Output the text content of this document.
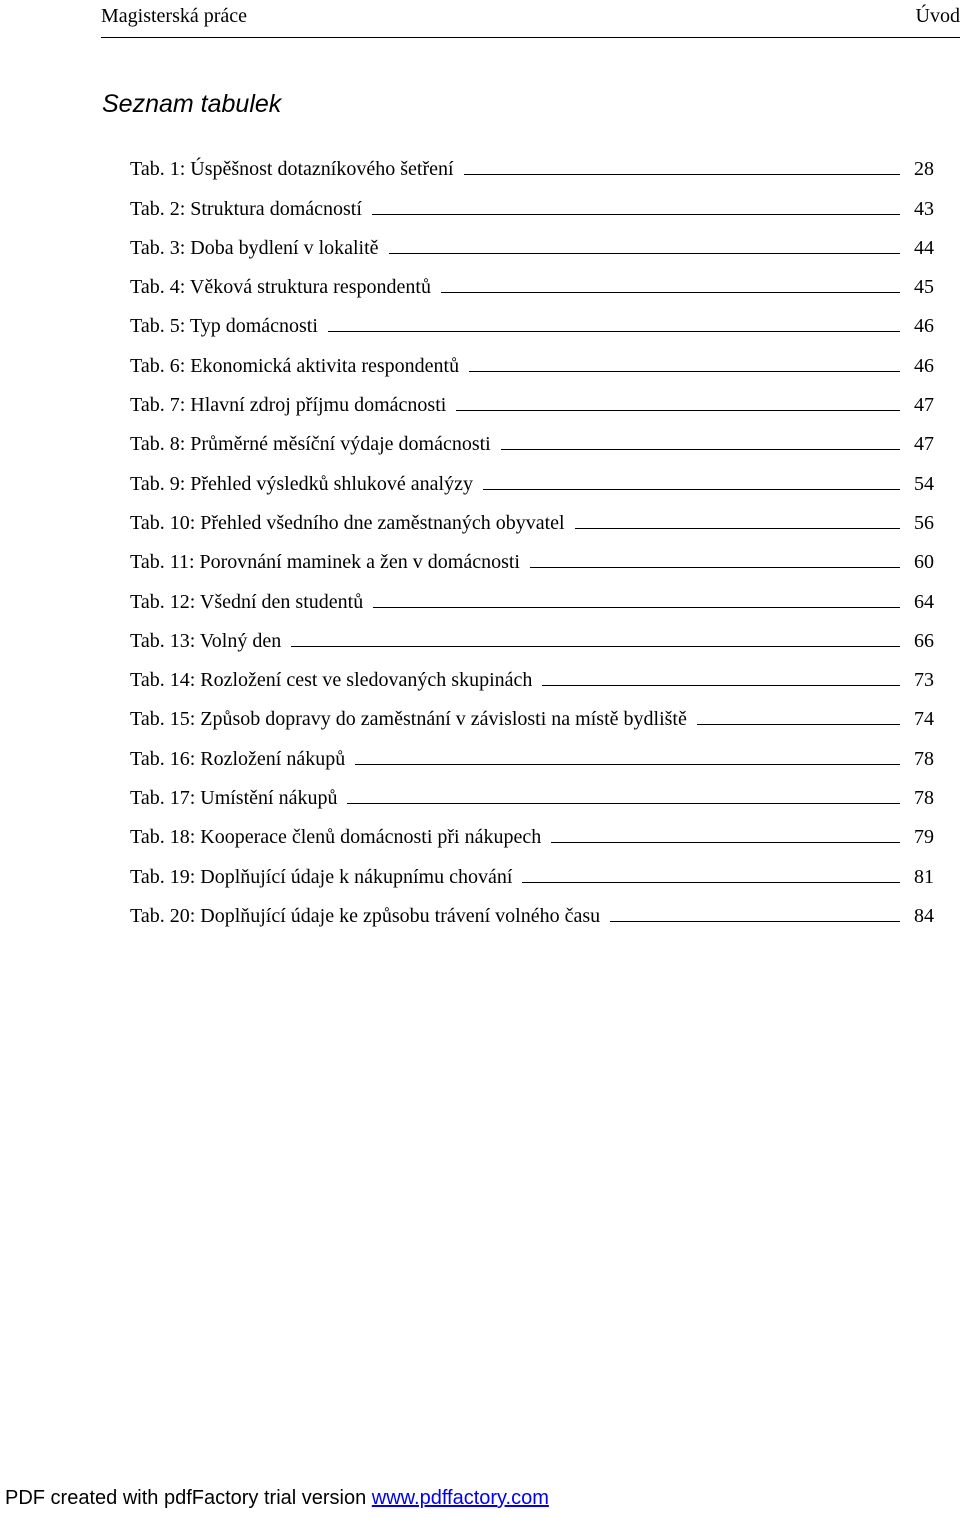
Magisterská práce	Úvod
Seznam tabulek
Tab. 1: Úspěšnost dotazníkového šetření	28
Tab. 2: Struktura domácností	43
Tab. 3: Doba bydlení v lokalitě	44
Tab. 4: Věková struktura respondentů	45
Tab. 5: Typ domácnosti	46
Tab. 6: Ekonomická aktivita respondentů	46
Tab. 7: Hlavní zdroj příjmu domácnosti	47
Tab. 8: Průměrné měsíční výdaje domácnosti	47
Tab. 9: Přehled výsledků shlukové analýzy	54
Tab. 10: Přehled všedního dne zaměstnaných obyvatel	56
Tab. 11: Porovnání maminek a žen v domácnosti	60
Tab. 12: Všední den studentů	64
Tab. 13: Volný den	66
Tab. 14: Rozložení cest ve sledovaných skupinách	73
Tab. 15: Způsob dopravy do zaměstnání v závislosti na místě bydliště	74
Tab. 16: Rozložení nákupů	78
Tab. 17: Umístění nákupů	78
Tab. 18: Kooperace členů domácnosti při nákupech	79
Tab. 19: Doplňující údaje k nákupnímu chování	81
Tab. 20: Doplňující údaje ke způsobu trávení volného času	84
PDF created with pdfFactory trial version www.pdffactory.com
